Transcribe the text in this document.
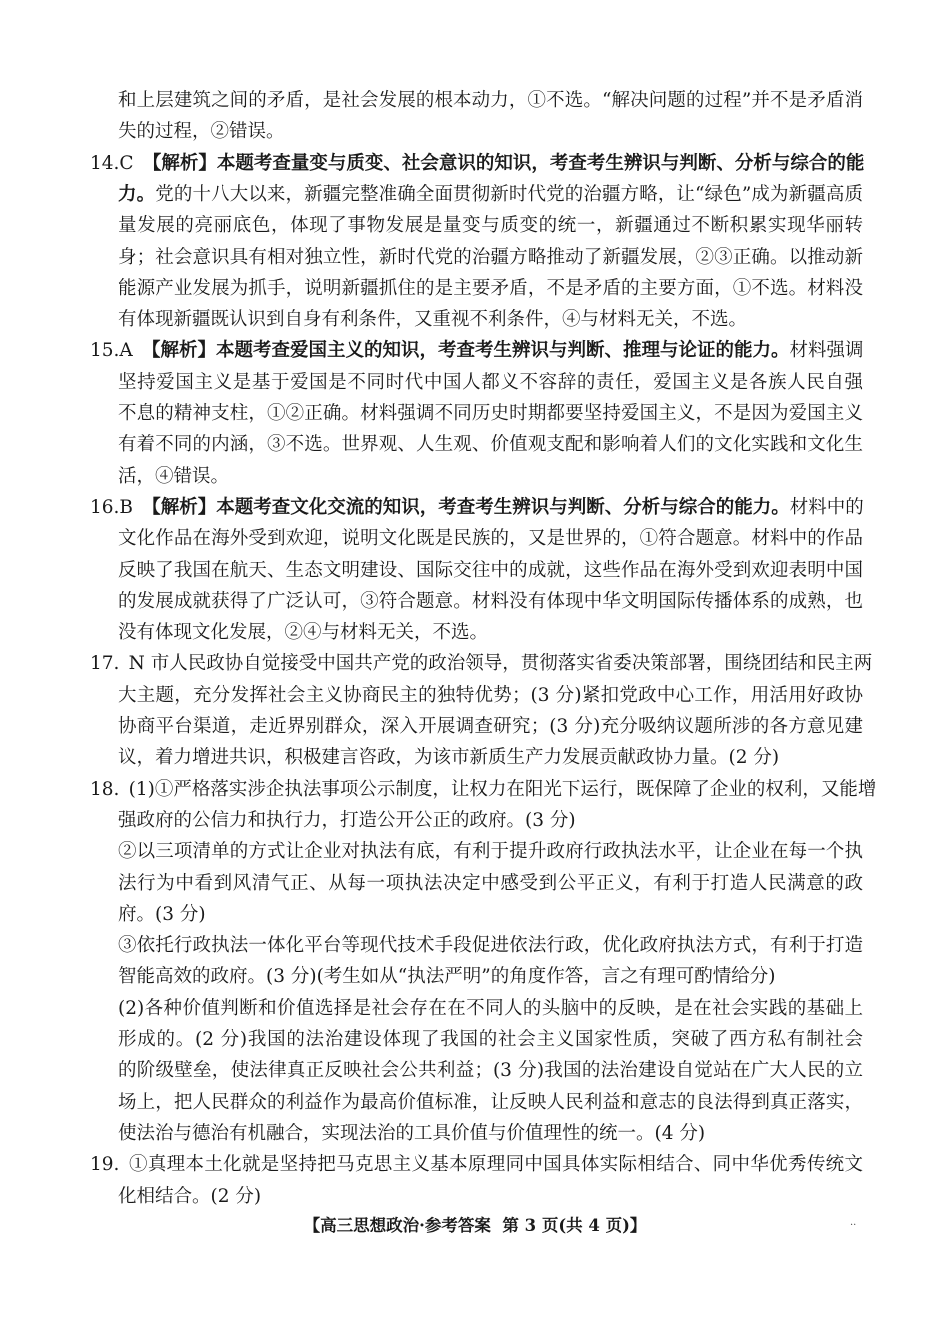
和上层建筑之间的矛盾，是社会发展的根本动力，①不选。“解决问题的过程”并不是矛盾消
失的过程，②错误。
14.C  【解析】本题考查量变与质变、社会意识的知识，考查考生辨识与判断、分析与综合的能
力。党的十八大以来，新疆完整准确全面贯彻新时代党的治疆方略，让“绿色”成为新疆高质
量发展的亮丽底色，体现了事物发展是量变与质变的统一，新疆通过不断积累实现华丽转
身；社会意识具有相对独立性，新时代党的治疆方略推动了新疆发展，②③正确。以推动新
能源产业发展为抓手，说明新疆抓住的是主要矛盾，不是矛盾的主要方面，①不选。材料没
有体现新疆既认识到自身有利条件，又重视不利条件，④与材料无关，不选。
15.A  【解析】本题考查爱国主义的知识，考查考生辨识与判断、推理与论证的能力。材料强调
坚持爱国主义是基于爱国是不同时代中国人都义不容辞的责任，爱国主义是各族人民自强
不息的精神支柱，①②正确。材料强调不同历史时期都要坚持爱国主义，不是因为爱国主义
有着不同的内涵，③不选。世界观、人生观、价值观支配和影响着人们的文化实践和文化生
活，④错误。
16.B  【解析】本题考查文化交流的知识，考查考生辨识与判断、分析与综合的能力。材料中的
文化作品在海外受到欢迎，说明文化既是民族的，又是世界的，①符合题意。材料中的作品
反映了我国在航天、生态文明建设、国际交往中的成就，这些作品在海外受到欢迎表明中国
的发展成就获得了广泛认可，③符合题意。材料没有体现中华文明国际传播体系的成熟，也
没有体现文化发展，②④与材料无关，不选。
17.  N 市人民政协自觉接受中国共产党的政治领导，贯彻落实省委决策部署，围绕团结和民主两
大主题，充分发挥社会主义协商民主的独特优势；(3 分)紧扣党政中心工作，用活用好政协
协商平台渠道，走近界别群众，深入开展调查研究；(3 分)充分吸纳议题所涉的各方意见建
议，着力增进共识，积极建言咨政，为该市新质生产力发展贡献政协力量。(2 分)
18.  (1)①严格落实涉企执法事项公示制度，让权力在阳光下运行，既保障了企业的权利，又能增
强政府的公信力和执行力，打造公开公正的政府。(3 分)
②以三项清单的方式让企业对执法有底，有利于提升政府行政执法水平，让企业在每一个执
法行为中看到风清气正、从每一项执法决定中感受到公平正义，有利于打造人民满意的政
府。(3 分)
③依托行政执法一体化平台等现代技术手段促进依法行政，优化政府执法方式，有利于打造
智能高效的政府。(3 分)(考生如从“执法严明”的角度作答，言之有理可酌情给分)
(2)各种价值判断和价值选择是社会存在在不同人的头脑中的反映，是在社会实践的基础上
形成的。(2 分)我国的法治建设体现了我国的社会主义国家性质，突破了西方私有制社会
的阶级壁垒，使法律真正反映社会公共利益；(3 分)我国的法治建设自觉站在广大人民的立
场上，把人民群众的利益作为最高价值标准，让反映人民利益和意志的良法得到真正落实，
使法治与德治有机融合，实现法治的工具价值与价值理性的统一。(4 分)
19.  ①真理本土化就是坚持把马克思主义基本原理同中国具体实际相结合、同中华优秀传统文
化相结合。(2 分)
【高三思想政治·参考答案 第 3 页(共 4 页)】	··
